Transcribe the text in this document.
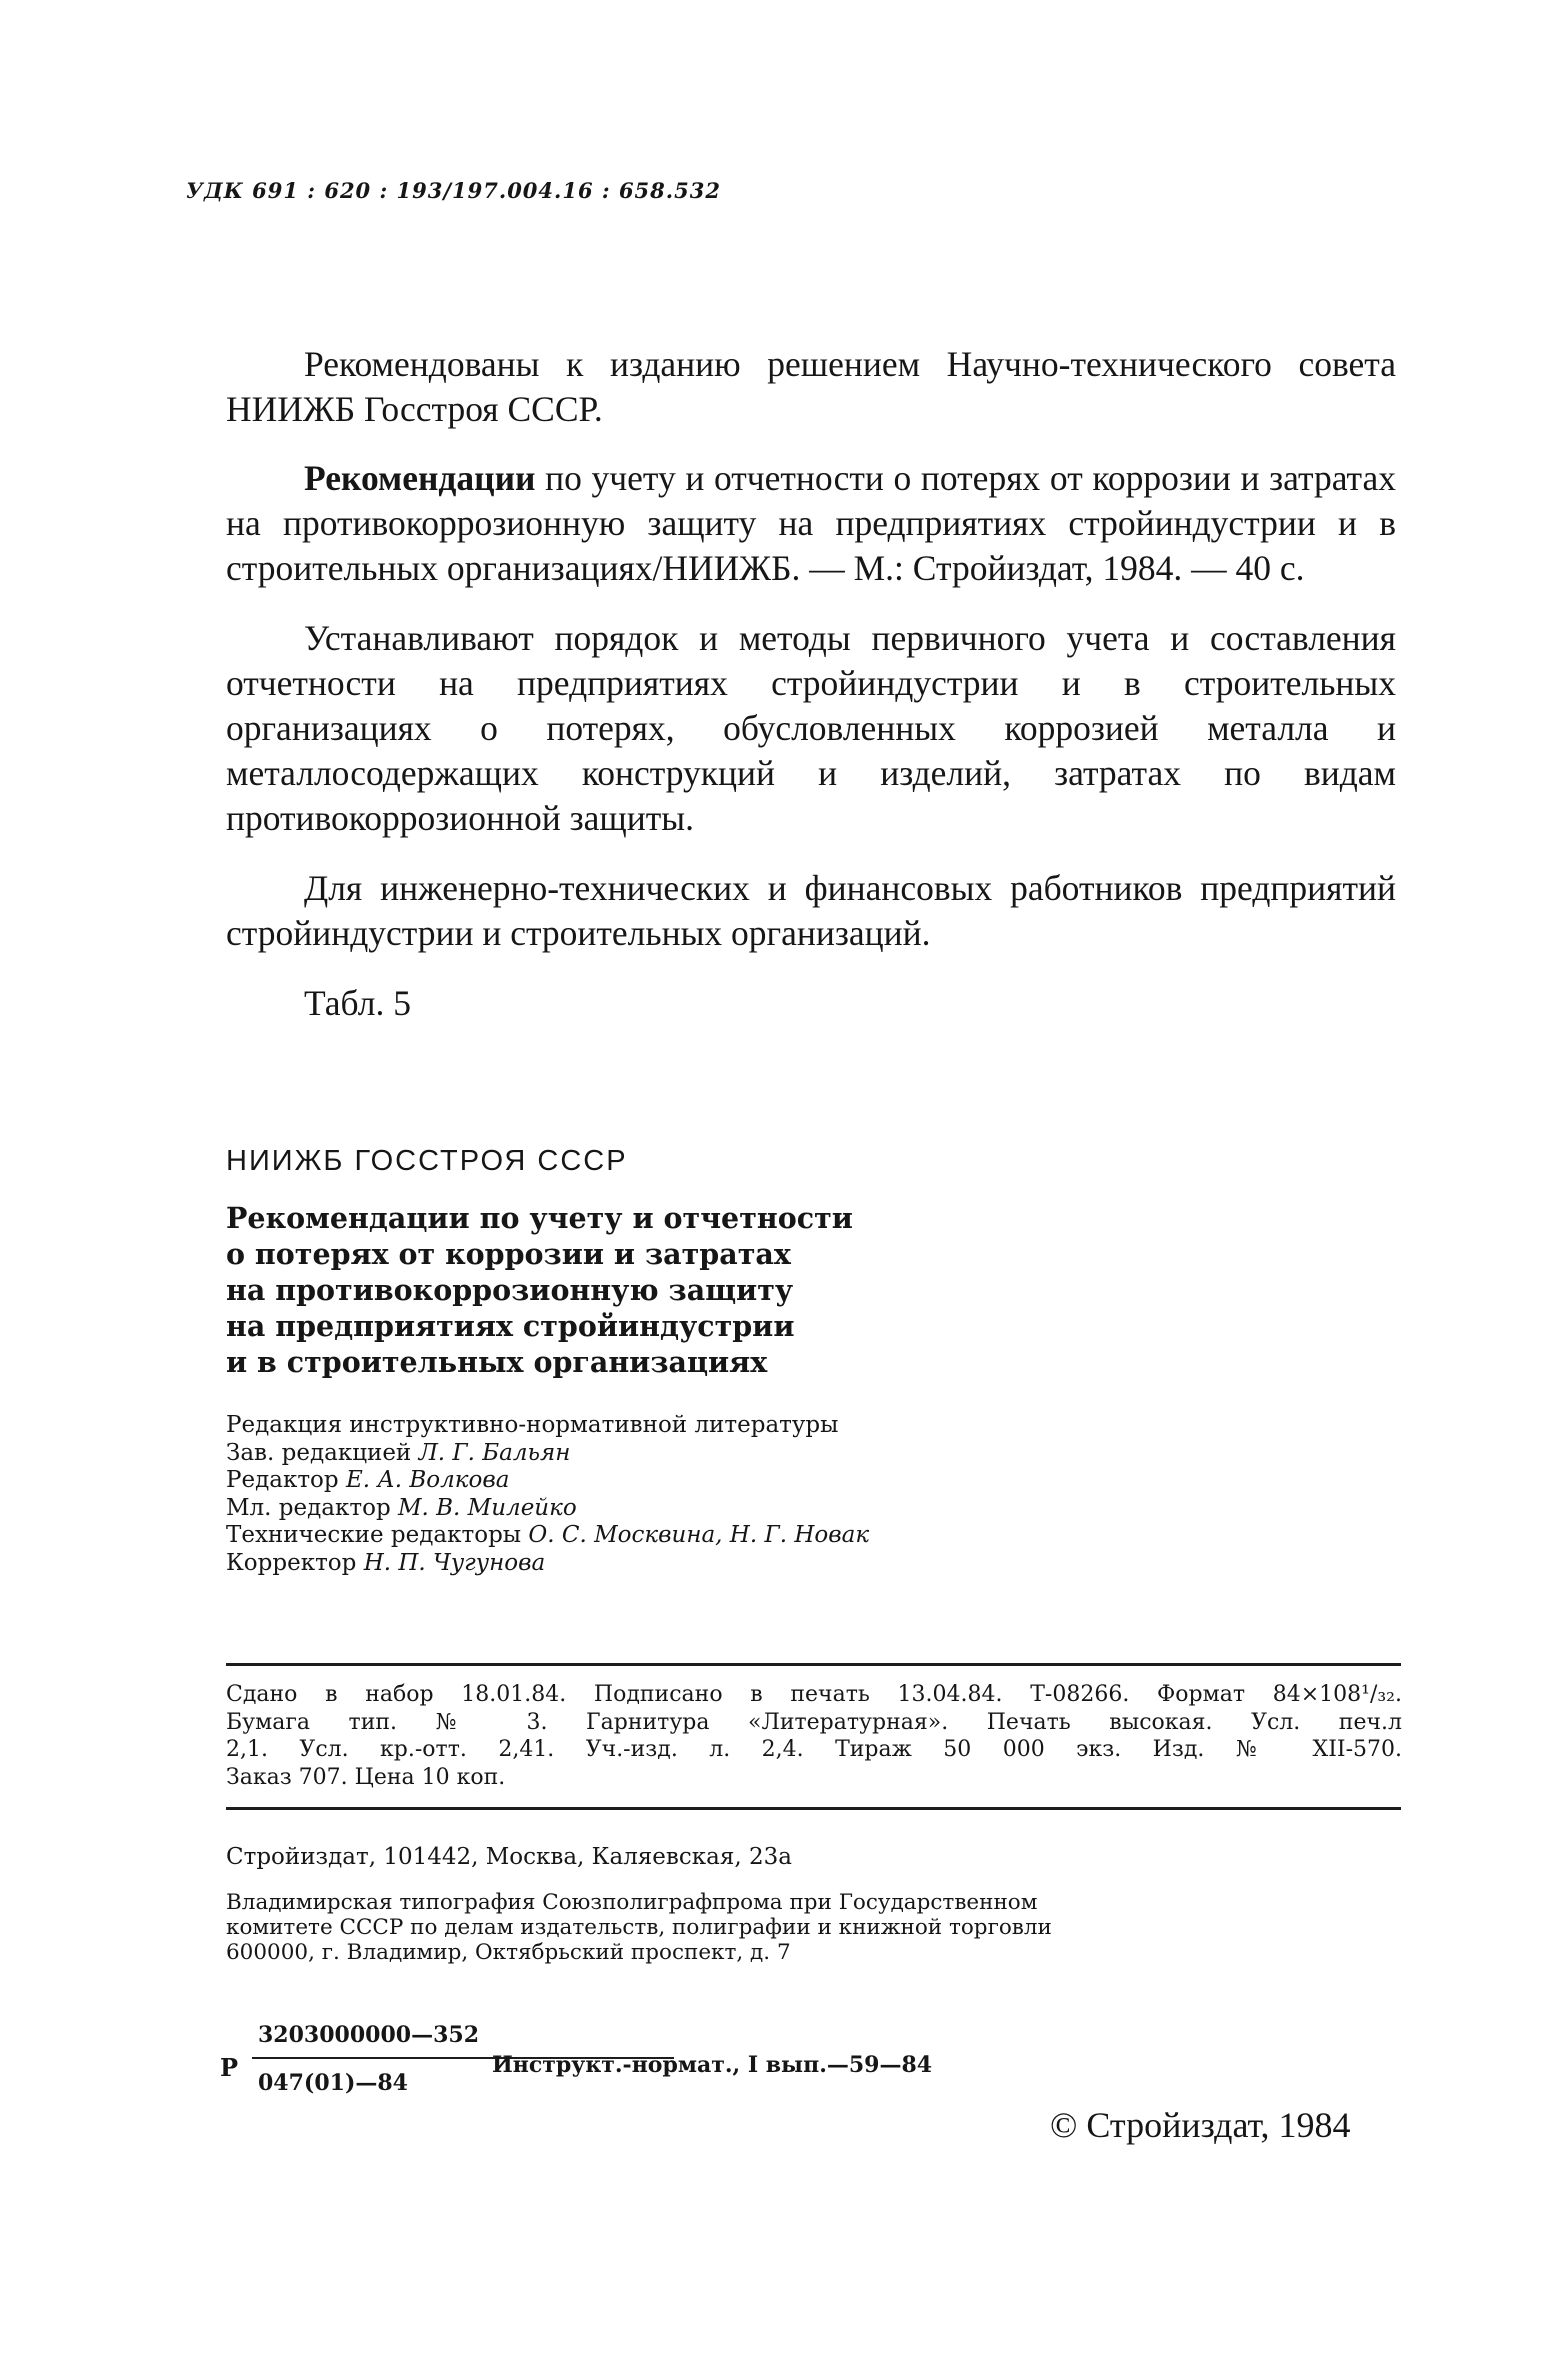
УДК 691 : 620 : 193/197.004.16 : 658.532

Рекомендованы к изданию решением Научно-технического совета НИИЖБ Госстроя СССР.

Рекомендации по учету и отчетности о потерях от коррозии и затратах на противокоррозионную защиту на предприятиях стройиндустрии и в строительных организациях/НИИЖБ. — М.: Стройиздат, 1984. — 40 с.

Устанавливают порядок и методы первичного учета и составления отчетности на предприятиях стройиндустрии и в строительных организациях о потерях, обусловленных коррозией металла и металлосодержащих конструкций и изделий, затратах по видам противокоррозионной защиты.

Для инженерно-технических и финансовых работников предприятий стройиндустрии и строительных организаций.

Табл. 5

НИИЖБ ГОССТРОЯ СССР
Рекомендации по учету и отчетности
о потерях от коррозии и затратах
на противокоррозионную защиту
на предприятиях стройиндустрии
и в строительных организациях
Редакция инструктивно-нормативной литературы
Зав. редакцией Л. Г. Бальян
Редактор Е. А. Волкова
Мл. редактор М. В. Милейко
Технические редакторы О. С. Москвина, Н. Г. Новак
Корректор Н. П. Чугунова
Сдано в набор 18.01.84. Подписано в печать 13.04.84. Т-08266. Формат 84×108¹/₃₂.
Бумага тип. № 3. Гарнитура «Литературная». Печать высокая. Усл. печ.л
2,1. Усл. кр.-отт. 2,41. Уч.-изд. л. 2,4. Тираж 50 000 экз. Изд. № XII-570.
Заказ 707. Цена 10 коп.
Стройиздат, 101442, Москва, Каляевская, 23а
Владимирская типография Союзполиграфпрома при Государственном
комитете СССР по делам издательств, полиграфии и книжной торговли
600000, г. Владимир, Октябрьский проспект, д. 7
Р
3203000000—352
047(01)—84
Инструкт.-нормат., I вып.—59—84
© Стройиздат, 1984
